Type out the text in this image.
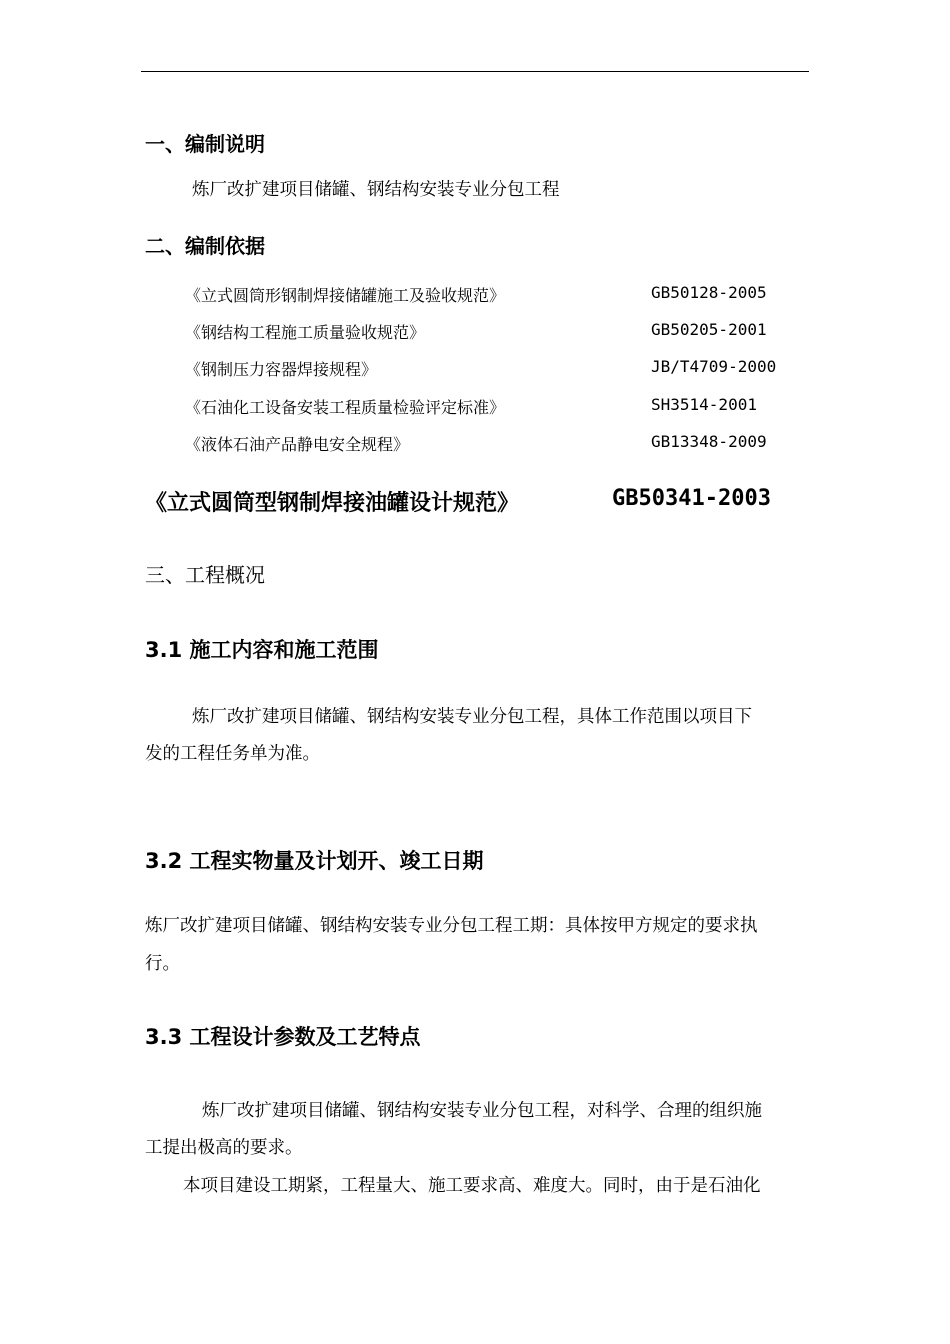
一、编制说明
炼厂改扩建项目储罐、钢结构安装专业分包工程
二、编制依据
《立式圆筒形钢制焊接储罐施工及验收规范》	GB50128-2005
《钢结构工程施工质量验收规范》	GB50205-2001
《钢制压力容器焊接规程》	JB/T4709-2000
《石油化工设备安装工程质量检验评定标准》	SH3514-2001
《液体石油产品静电安全规程》	GB13348-2009
《立式圆筒型钢制焊接油罐设计规范》	GB50341-2003
三、工程概况
3.1 施工内容和施工范围
炼厂改扩建项目储罐、钢结构安装专业分包工程，具体工作范围以项目下
发的工程任务单为准。
3.2 工程实物量及计划开、竣工日期
炼厂改扩建项目储罐、钢结构安装专业分包工程工期：具体按甲方规定的要求执
行。
3.3 工程设计参数及工艺特点
炼厂改扩建项目储罐、钢结构安装专业分包工程，对科学、合理的组织施
工提出极高的要求。
本项目建设工期紧，工程量大、施工要求高、难度大。同时，由于是石油化
